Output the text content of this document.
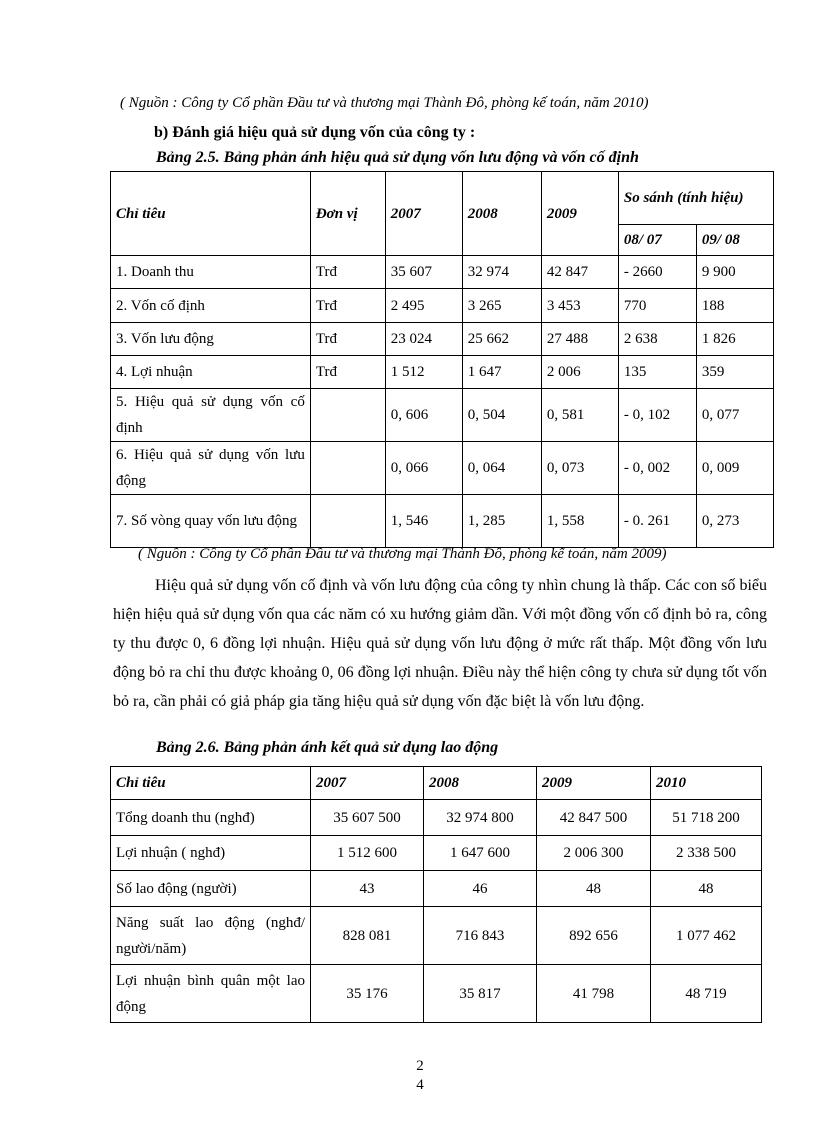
( Nguồn : Công ty Cổ phần Đầu tư và thương mại Thành Đô, phòng kế toán, năm 2010)
b) Đánh giá hiệu quả sử dụng vốn của công ty :
Bảng 2.5. Bảng phản ánh hiệu quả sử dụng vốn lưu động và vốn cố định
Chỉ tiêu	Đơn vị	2007	2008	2009	So sánh (tính hiệu)	
					08/ 07	09/ 08
1. Doanh thu	Trđ	35 607	32 974	42 847	- 2660	9 900
2. Vốn cố định	Trđ	2 495	3 265	3 453	770	188
3. Vốn lưu động	Trđ	23 024	25 662	27 488	2 638	1 826
4. Lợi nhuận	Trđ	1 512	1 647	2 006	135	359
5. Hiệu quả sử dụng vốn cố định		0, 606	0, 504	0, 581	- 0, 102	0, 077
6. Hiệu quả sử dụng vốn lưu động		0, 066	0, 064	0, 073	- 0, 002	0, 009
7. Số vòng quay vốn lưu động		1, 546	1, 285	1, 558	- 0. 261	0, 273
( Nguồn : Công ty Cổ phần Đầu tư và thương mại Thành Đô, phòng kế toán, năm 2009)

Hiệu quả sử dụng vốn cố định và vốn lưu động của công ty nhìn chung là thấp. Các con số biểu hiện hiệu quả sử dụng vốn qua các năm có xu hướng giảm dần. Với một đồng vốn cố định bỏ ra, công ty thu được 0, 6 đồng lợi nhuận. Hiệu quả sử dụng vốn lưu động ở mức rất thấp. Một đồng vốn lưu động bỏ ra chỉ thu được khoảng 0, 06 đồng lợi nhuận. Điều này thể hiện công ty chưa sử dụng tốt vốn bỏ ra, cần phải có giả pháp gia tăng hiệu quả sử dụng vốn đặc biệt là vốn lưu động.

Bảng 2.6. Bảng phản ánh kết quả sử dụng lao động
Chỉ tiêu	2007	2008	2009	2010
Tổng doanh thu (nghđ)	35 607 500	32 974 800	42 847 500	51 718 200
Lợi nhuận ( nghđ)	1 512 600	1 647 600	2 006 300	2 338 500
Số lao động (người)	43	46	48	48
Năng suất lao động (nghđ/ người/năm)	828 081	716 843	892 656	1 077 462
Lợi nhuận bình quân một lao động	35 176	35 817	41 798	48 719
2
4
